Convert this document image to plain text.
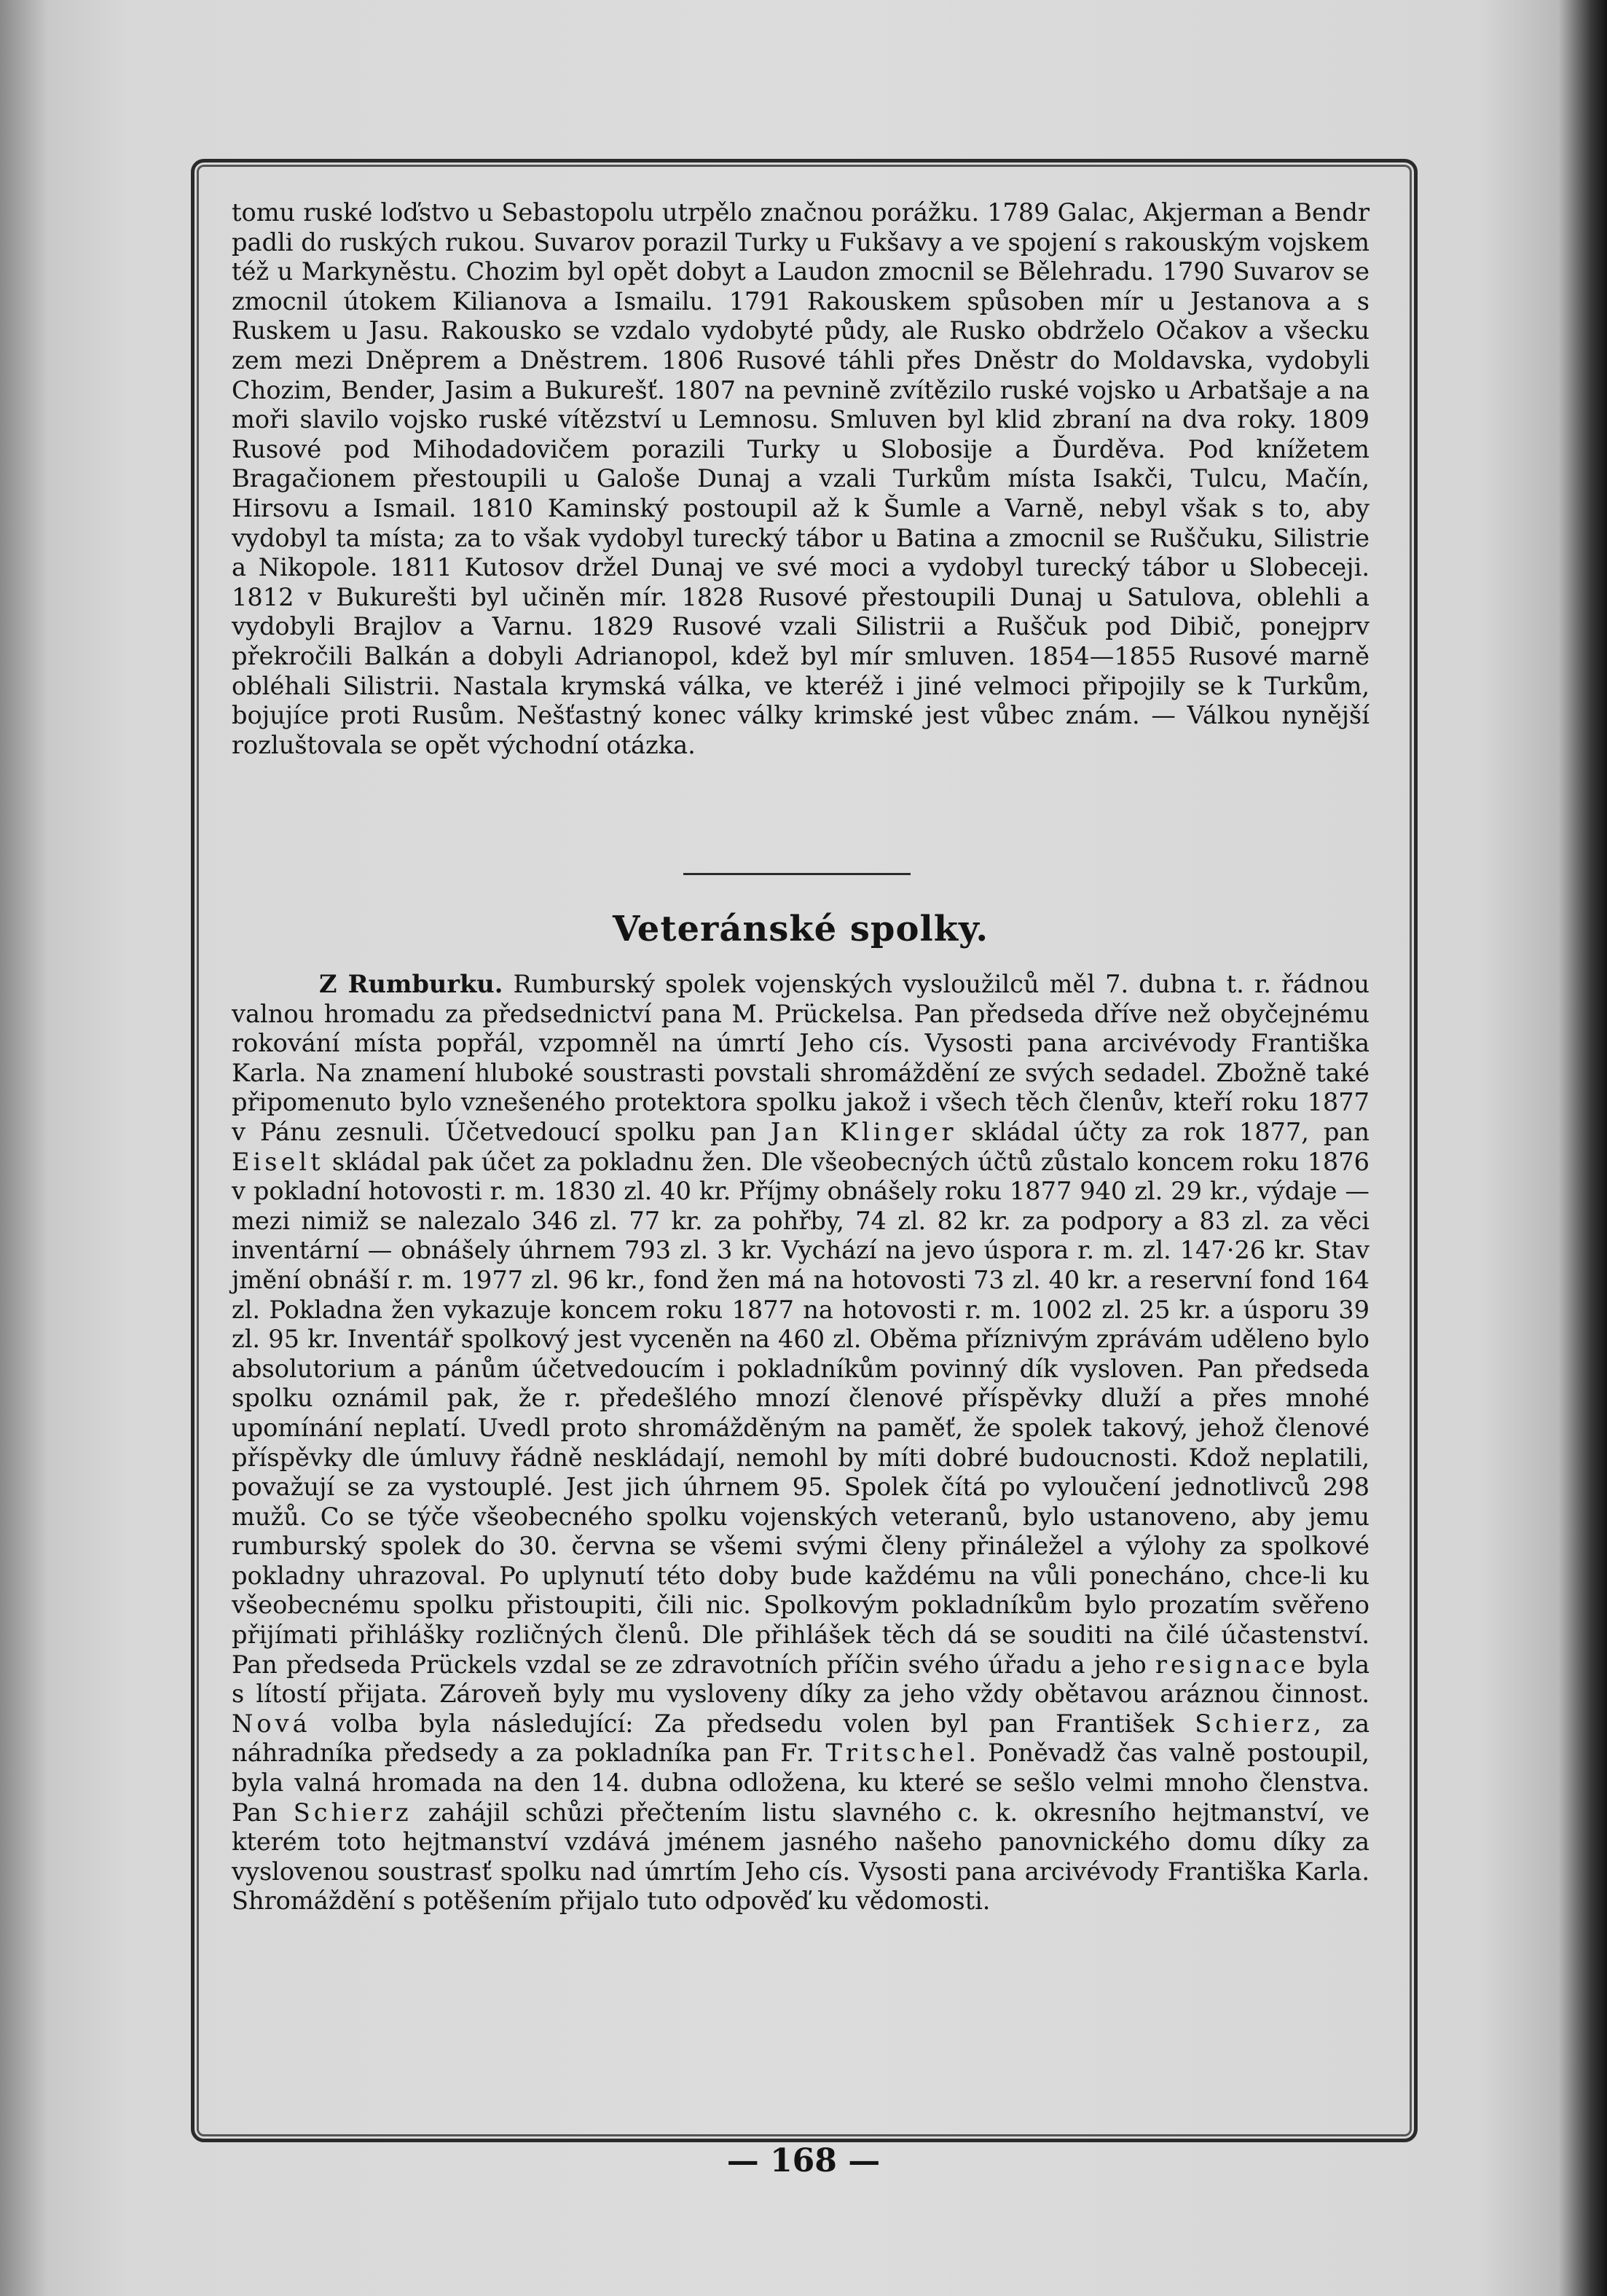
tomu ruské loďstvo u Sebastopolu utrpělo značnou porážku. 1789 Galac, Akjerman a Bendr padli do ruských rukou. Suvarov porazil Turky u Fukšavy a ve spojení s rakouským vojskem též u Markyněstu. Chozim byl opět dobyt a Laudon zmocnil se Bělehradu. 1790 Suvarov se zmocnil útokem Kilianova a Ismailu. 1791 Rakouskem spůsoben mír u Jestanova a s Ruskem u Jasu. Rakousko se vzdalo vydobyté půdy, ale Rusko obdrželo Očakov a všecku zem mezi Dněprem a Dněstrem. 1806 Rusové táhli přes Dněstr do Moldavska, vydobyli Chozim, Bender, Jasim a Bukurešť. 1807 na pevnině zvítězilo ruské vojsko u Arbatšaje a na moři slavilo vojsko ruské vítězství u Lemnosu. Smluven byl klid zbraní na dva roky. 1809 Rusové pod Mihodadovičem porazili Turky u Slobosije a Ďurděva. Pod knížetem Bragačionem přestoupili u Galoše Dunaj a vzali Turkům místa Isakči, Tulcu, Mačín, Hirsovu a Ismail. 1810 Kaminský postoupil až k Šumle a Varně, nebyl však s to, aby vydobyl ta místa; za to však vydobyl turecký tábor u Batina a zmocnil se Ruščuku, Silistrie a Nikopole. 1811 Kutosov držel Dunaj ve své moci a vydobyl turecký tábor u Slobeceji. 1812 v Bukurešti byl učiněn mír. 1828 Rusové přestoupili Dunaj u Satulova, oblehli a vydobyli Brajlov a Varnu. 1829 Rusové vzali Silistrii a Ruščuk pod Dibič, ponejprv překročili Balkán a dobyli Adrianopol, kdež byl mír smluven. 1854—1855 Rusové marně obléhali Silistrii. Nastala krymská válka, ve kteréž i jiné velmoci připojily se k Turkům, bojujíce proti Rusům. Nešťastný konec války krimské jest vůbec znám. — Válkou nynější rozluštovala se opět východní otázka.

Veteránské spolky.

Z Rumburku. Rumburský spolek vojenských vysloužilců měl 7. dubna t. r. řádnou valnou hromadu za předsednictví pana M. Prückelsa. Pan předseda dříve než obyčejnému rokování místa popřál, vzpomněl na úmrtí Jeho cís. Vysosti pana arcivévody Františka Karla. Na znamení hluboké soustrasti povstali shromáždění ze svých sedadel. Zbožně také připomenuto bylo vznešeného protektora spolku jakož i všech těch členův, kteří roku 1877 v Pánu zesnuli. Účetvedoucí spolku pan Jan Klinger skládal účty za rok 1877, pan Eiselt skládal pak účet za pokladnu žen. Dle všeobecných účtů zůstalo koncem roku 1876 v pokladní hotovosti r. m. 1830 zl. 40 kr. Příjmy obnášely roku 1877 940 zl. 29 kr., výdaje — mezi nimiž se nalezalo 346 zl. 77 kr. za pohřby, 74 zl. 82 kr. za podpory a 83 zl. za věci inventární — obnášely úhrnem 793 zl. 3 kr. Vychází na jevo úspora r. m. zl. 147·26 kr. Stav jmění obnáší r. m. 1977 zl. 96 kr., fond žen má na hotovosti 73 zl. 40 kr. a reservní fond 164 zl. Pokladna žen vykazuje koncem roku 1877 na hotovosti r. m. 1002 zl. 25 kr. a úsporu 39 zl. 95 kr. Inventář spolkový jest vyceněn na 460 zl. Oběma příznivým zprávám uděleno bylo absolutorium a pánům účetvedoucím i pokladníkům povinný dík vysloven. Pan předseda spolku oznámil pak, že r. předešlého mnozí členové příspěvky dluží a přes mnohé upomínání neplatí. Uvedl proto shromážděným na paměť, že spolek takový, jehož členové příspěvky dle úmluvy řádně neskládají, nemohl by míti dobré budoucnosti. Kdož neplatili, považují se za vystouplé. Jest jich úhrnem 95. Spolek čítá po vyloučení jednotlivců 298 mužů. Co se týče všeobecného spolku vojenských veteranů, bylo ustanoveno, aby jemu rumburský spolek do 30. června se všemi svými členy přináležel a výlohy za spolkové pokladny uhrazoval. Po uplynutí této doby bude každému na vůli ponecháno, chce-li ku všeobecnému spolku přistoupiti, čili nic. Spolkovým pokladníkům bylo prozatím svěřeno přijímati přihlášky rozličných členů. Dle přihlášek těch dá se souditi na čilé účastenství. Pan předseda Prückels vzdal se ze zdravotních příčin svého úřadu a jeho resignace byla s lítostí přijata. Zároveň byly mu vysloveny díky za jeho vždy obětavou aráznou činnost. Nová volba byla následující: Za předsedu volen byl pan František Schierz, za náhradníka předsedy a za pokladníka pan Fr. Tritschel. Poněvadž čas valně postoupil, byla valná hromada na den 14. dubna odložena, ku které se sešlo velmi mnoho členstva. Pan Schierz zahájil schůzi přečtením listu slavného c. k. okresního hejtmanství, ve kterém toto hejtmanství vzdává jménem jasného našeho panovnického domu díky za vyslovenou soustrasť spolku nad úmrtím Jeho cís. Vysosti pana arcivévody Františka Karla. Shromáždění s potěšením přijalo tuto odpověď ku vědomosti.

— 168 —
